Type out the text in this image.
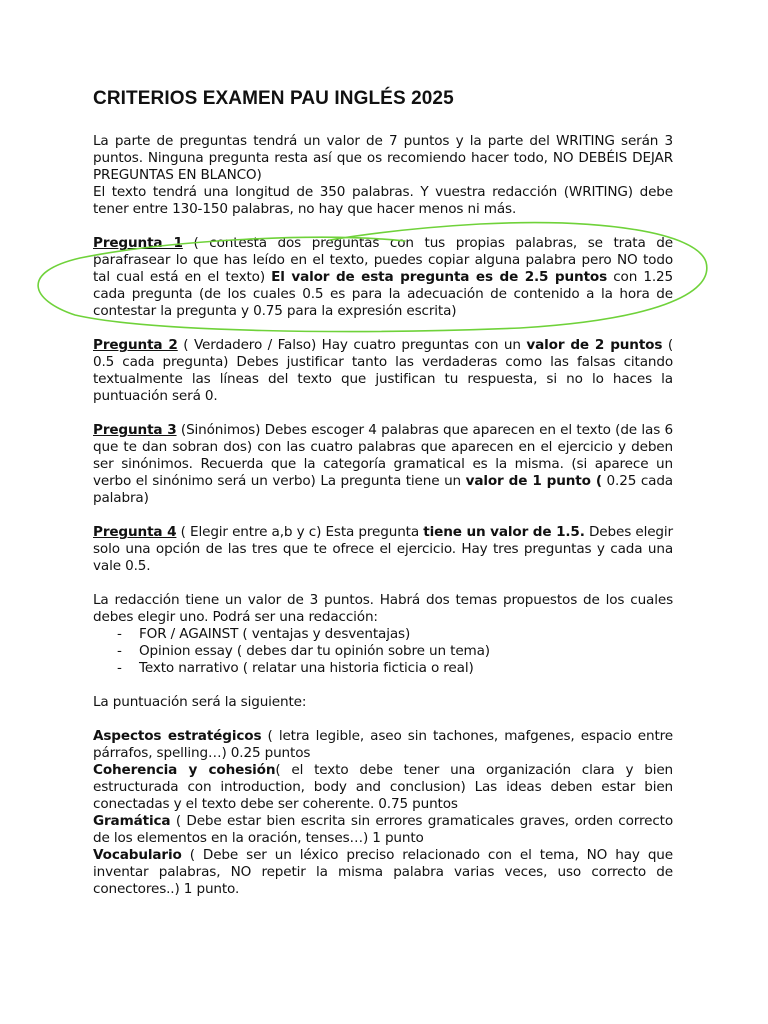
CRITERIOS EXAMEN PAU INGLÉS 2025

La parte de preguntas tendrá un valor de 7 puntos y la parte del WRITING serán 3 puntos. Ninguna pregunta resta así que os recomiendo hacer todo, NO DEBÉIS DEJAR PREGUNTAS EN BLANCO)
El texto tendrá una longitud de 350 palabras. Y vuestra redacción (WRITING) debe tener entre 130-150 palabras, no hay que hacer menos ni más.

Pregunta 1 ( contesta dos preguntas con tus propias palabras, se trata de parafrasear lo que has leído en el texto, puedes copiar alguna palabra pero NO todo tal cual está en el texto) El valor de esta pregunta es de 2.5 puntos con 1.25 cada pregunta (de los cuales 0.5 es para la adecuación de contenido a la hora de contestar la pregunta y 0.75 para la expresión escrita)

Pregunta 2 ( Verdadero / Falso) Hay cuatro preguntas con un valor de 2 puntos ( 0.5 cada pregunta) Debes justificar tanto las verdaderas como las falsas citando textualmente las líneas del texto que justifican tu respuesta, si no lo haces la puntuación será 0.

Pregunta 3 (Sinónimos) Debes escoger 4 palabras que aparecen en el texto (de las 6 que te dan sobran dos) con las cuatro palabras que aparecen en el ejercicio y deben ser sinónimos. Recuerda que la categoría gramatical es la misma. (si aparece un verbo el sinónimo será un verbo) La pregunta tiene un valor de 1 punto ( 0.25 cada palabra)

Pregunta 4 ( Elegir entre a,b y c) Esta pregunta tiene un valor de 1.5. Debes elegir solo una opción de las tres que te ofrece el ejercicio. Hay tres preguntas y cada una vale 0.5.

La redacción tiene un valor de 3 puntos. Habrá dos temas propuestos de los cuales debes elegir uno. Podrá ser una redacción:

- FOR / AGAINST ( ventajas y desventajas)
- Opinion essay ( debes dar tu opinión sobre un tema)
- Texto narrativo ( relatar una historia ficticia o real)

La puntuación será la siguiente:

Aspectos estratégicos ( letra legible, aseo sin tachones, mafgenes, espacio entre párrafos, spelling…) 0.25 puntos

Coherencia y cohesión( el texto debe tener una organización clara y bien estructurada con introduction, body and conclusion) Las ideas deben estar bien conectadas y el texto debe ser coherente. 0.75 puntos

Gramática ( Debe estar bien escrita sin errores gramaticales graves, orden correcto de los elementos en la oración, tenses…) 1 punto

Vocabulario ( Debe ser un léxico preciso relacionado con el tema, NO hay que inventar palabras, NO repetir la misma palabra varias veces, uso correcto de conectores..) 1 punto.
